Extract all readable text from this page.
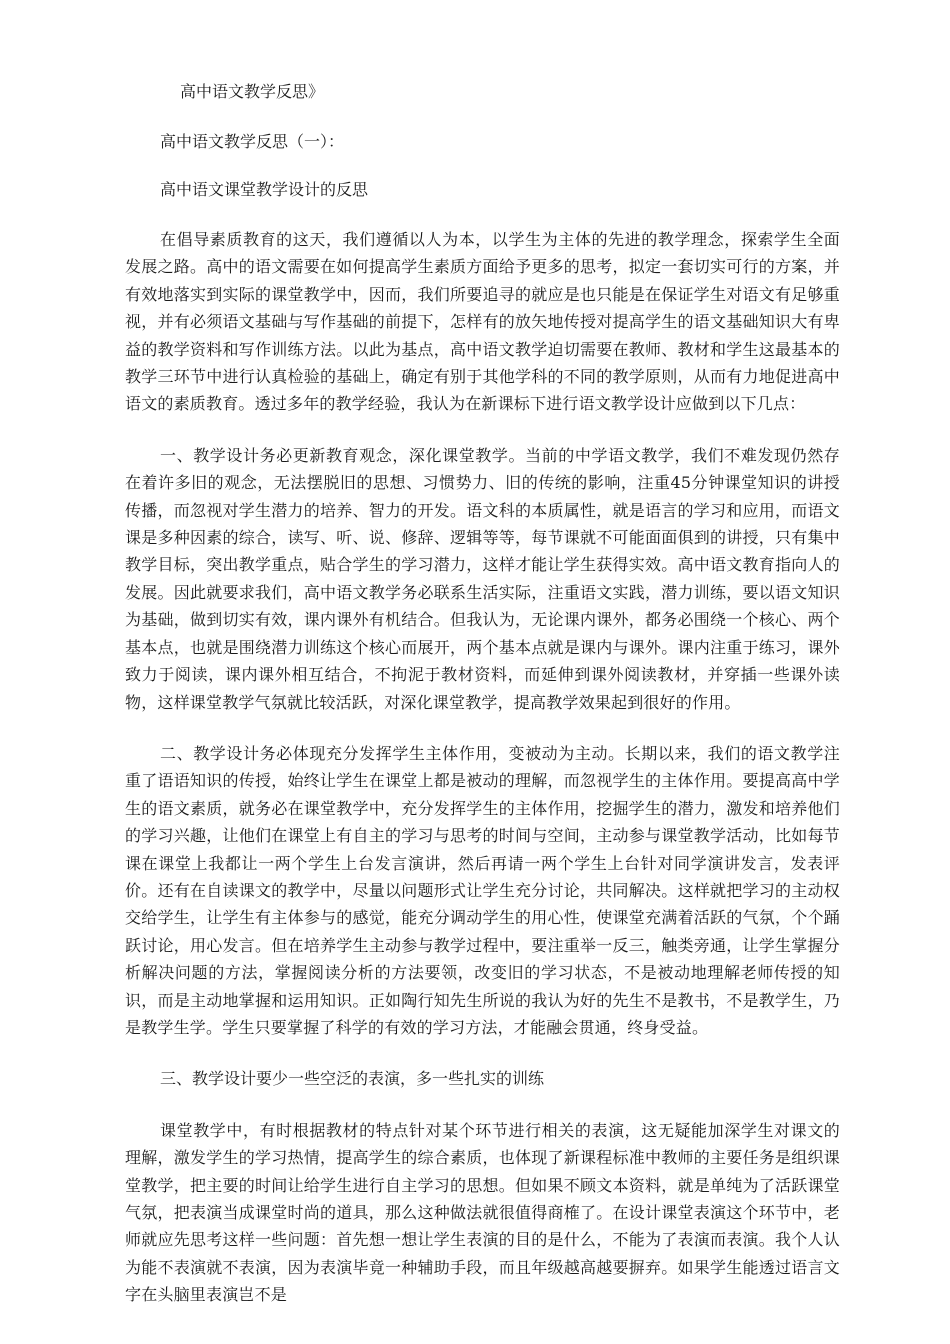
高中语文教学反思》
高中语文教学反思（一）：
高中语文课堂教学设计的反思

在倡导素质教育的这天，我们遵循以人为本，以学生为主体的先进的教学理念，探索学生全面发展之路。高中的语文需要在如何提高学生素质方面给予更多的思考，拟定一套切实可行的方案，并有效地落实到实际的课堂教学中，因而，我们所要追寻的就应是也只能是在保证学生对语文有足够重视，并有必须语文基础与写作基础的前提下，怎样有的放矢地传授对提高学生的语文基础知识大有卑益的教学资料和写作训练方法。以此为基点，高中语文教学迫切需要在教师、教材和学生这最基本的教学三环节中进行认真检验的基础上，确定有别于其他学科的不同的教学原则，从而有力地促进高中语文的素质教育。透过多年的教学经验，我认为在新课标下进行语文教学设计应做到以下几点：

一、教学设计务必更新教育观念，深化课堂教学。当前的中学语文教学，我们不难发现仍然存在着许多旧的观念，无法摆脱旧的思想、习惯势力、旧的传统的影响，注重45分钟课堂知识的讲授传播，而忽视对学生潜力的培养、智力的开发。语文科的本质属性，就是语言的学习和应用，而语文课是多种因素的综合，读写、听、说、修辞、逻辑等等，每节课就不可能面面俱到的讲授，只有集中教学目标，突出教学重点，贴合学生的学习潜力，这样才能让学生获得实效。高中语文教育指向人的发展。因此就要求我们，高中语文教学务必联系生活实际，注重语文实践，潜力训练，要以语文知识为基础，做到切实有效，课内课外有机结合。但我认为，无论课内课外，都务必围绕一个核心、两个基本点，也就是围绕潜力训练这个核心而展开，两个基本点就是课内与课外。课内注重于练习，课外致力于阅读，课内课外相互结合，不拘泥于教材资料，而延伸到课外阅读教材，并穿插一些课外读物，这样课堂教学气氛就比较活跃，对深化课堂教学，提高教学效果起到很好的作用。

二、教学设计务必体现充分发挥学生主体作用，变被动为主动。长期以来，我们的语文教学注重了语语知识的传授，始终让学生在课堂上都是被动的理解，而忽视学生的主体作用。要提高高中学生的语文素质，就务必在课堂教学中，充分发挥学生的主体作用，挖掘学生的潜力，激发和培养他们的学习兴趣，让他们在课堂上有自主的学习与思考的时间与空间，主动参与课堂教学活动，比如每节课在课堂上我都让一两个学生上台发言演讲，然后再请一两个学生上台针对同学演讲发言，发表评价。还有在自读课文的教学中，尽量以问题形式让学生充分讨论，共同解决。这样就把学习的主动权交给学生，让学生有主体参与的感觉，能充分调动学生的用心性，使课堂充满着活跃的气氛，个个踊跃讨论，用心发言。但在培养学生主动参与教学过程中，要注重举一反三，触类旁通，让学生掌握分析解决问题的方法，掌握阅读分析的方法要领，改变旧的学习状态，不是被动地理解老师传授的知识，而是主动地掌握和运用知识。正如陶行知先生所说的我认为好的先生不是教书，不是教学生，乃是教学生学。学生只要掌握了科学的有效的学习方法，才能融会贯通，终身受益。

三、教学设计要少一些空泛的表演，多一些扎实的训练

课堂教学中，有时根据教材的特点针对某个环节进行相关的表演，这无疑能加深学生对课文的理解，激发学生的学习热情，提高学生的综合素质，也体现了新课程标准中教师的主要任务是组织课堂教学，把主要的时间让给学生进行自主学习的思想。但如果不顾文本资料，就是单纯为了活跃课堂气氛，把表演当成课堂时尚的道具，那么这种做法就很值得商榷了。在设计课堂表演这个环节中，老师就应先思考这样一些问题：首先想一想让学生表演的目的是什么，不能为了表演而表演。我个人认为能不表演就不表演，因为表演毕竟一种辅助手段，而且年级越高越要摒弃。如果学生能透过语言文字在头脑里表演岂不是
